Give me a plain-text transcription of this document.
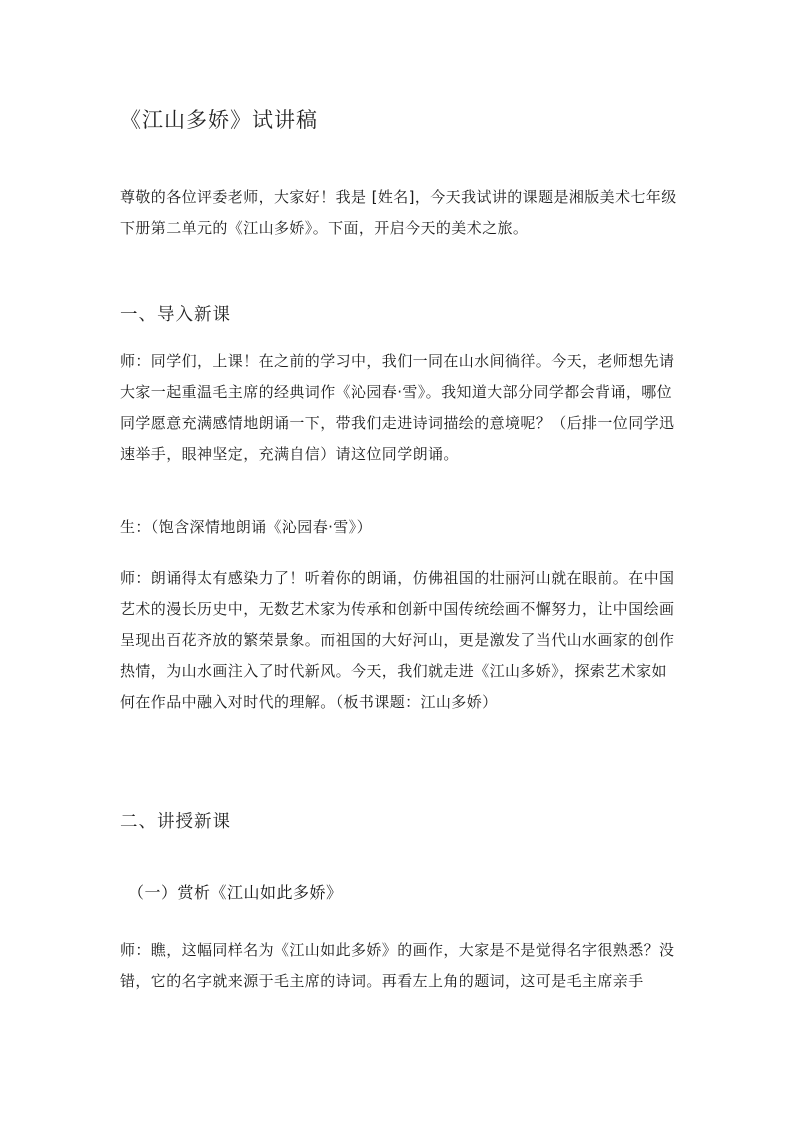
《江山多娇》试讲稿

尊敬的各位评委老师，大家好！我是 [姓名]，今天我试讲的课题是湘版美术七年级下册第二单元的《江山多娇》。下面，开启今天的美术之旅。

一、导入新课

师：同学们，上课！在之前的学习中，我们一同在山水间徜徉。今天，老师想先请大家一起重温毛主席的经典词作《沁园春·雪》。我知道大部分同学都会背诵，哪位同学愿意充满感情地朗诵一下，带我们走进诗词描绘的意境呢？（后排一位同学迅速举手，眼神坚定，充满自信）请这位同学朗诵。

生：（饱含深情地朗诵《沁园春·雪》）

师：朗诵得太有感染力了！听着你的朗诵，仿佛祖国的壮丽河山就在眼前。在中国艺术的漫长历史中，无数艺术家为传承和创新中国传统绘画不懈努力，让中国绘画呈现出百花齐放的繁荣景象。而祖国的大好河山，更是激发了当代山水画家的创作热情，为山水画注入了时代新风。今天，我们就走进《江山多娇》，探索艺术家如何在作品中融入对时代的理解。（板书课题：江山多娇）

二、讲授新课
（一）赏析《江山如此多娇》

师：瞧，这幅同样名为《江山如此多娇》的画作，大家是不是觉得名字很熟悉？没错，它的名字就来源于毛主席的诗词。再看左上角的题词，这可是毛主席亲手
